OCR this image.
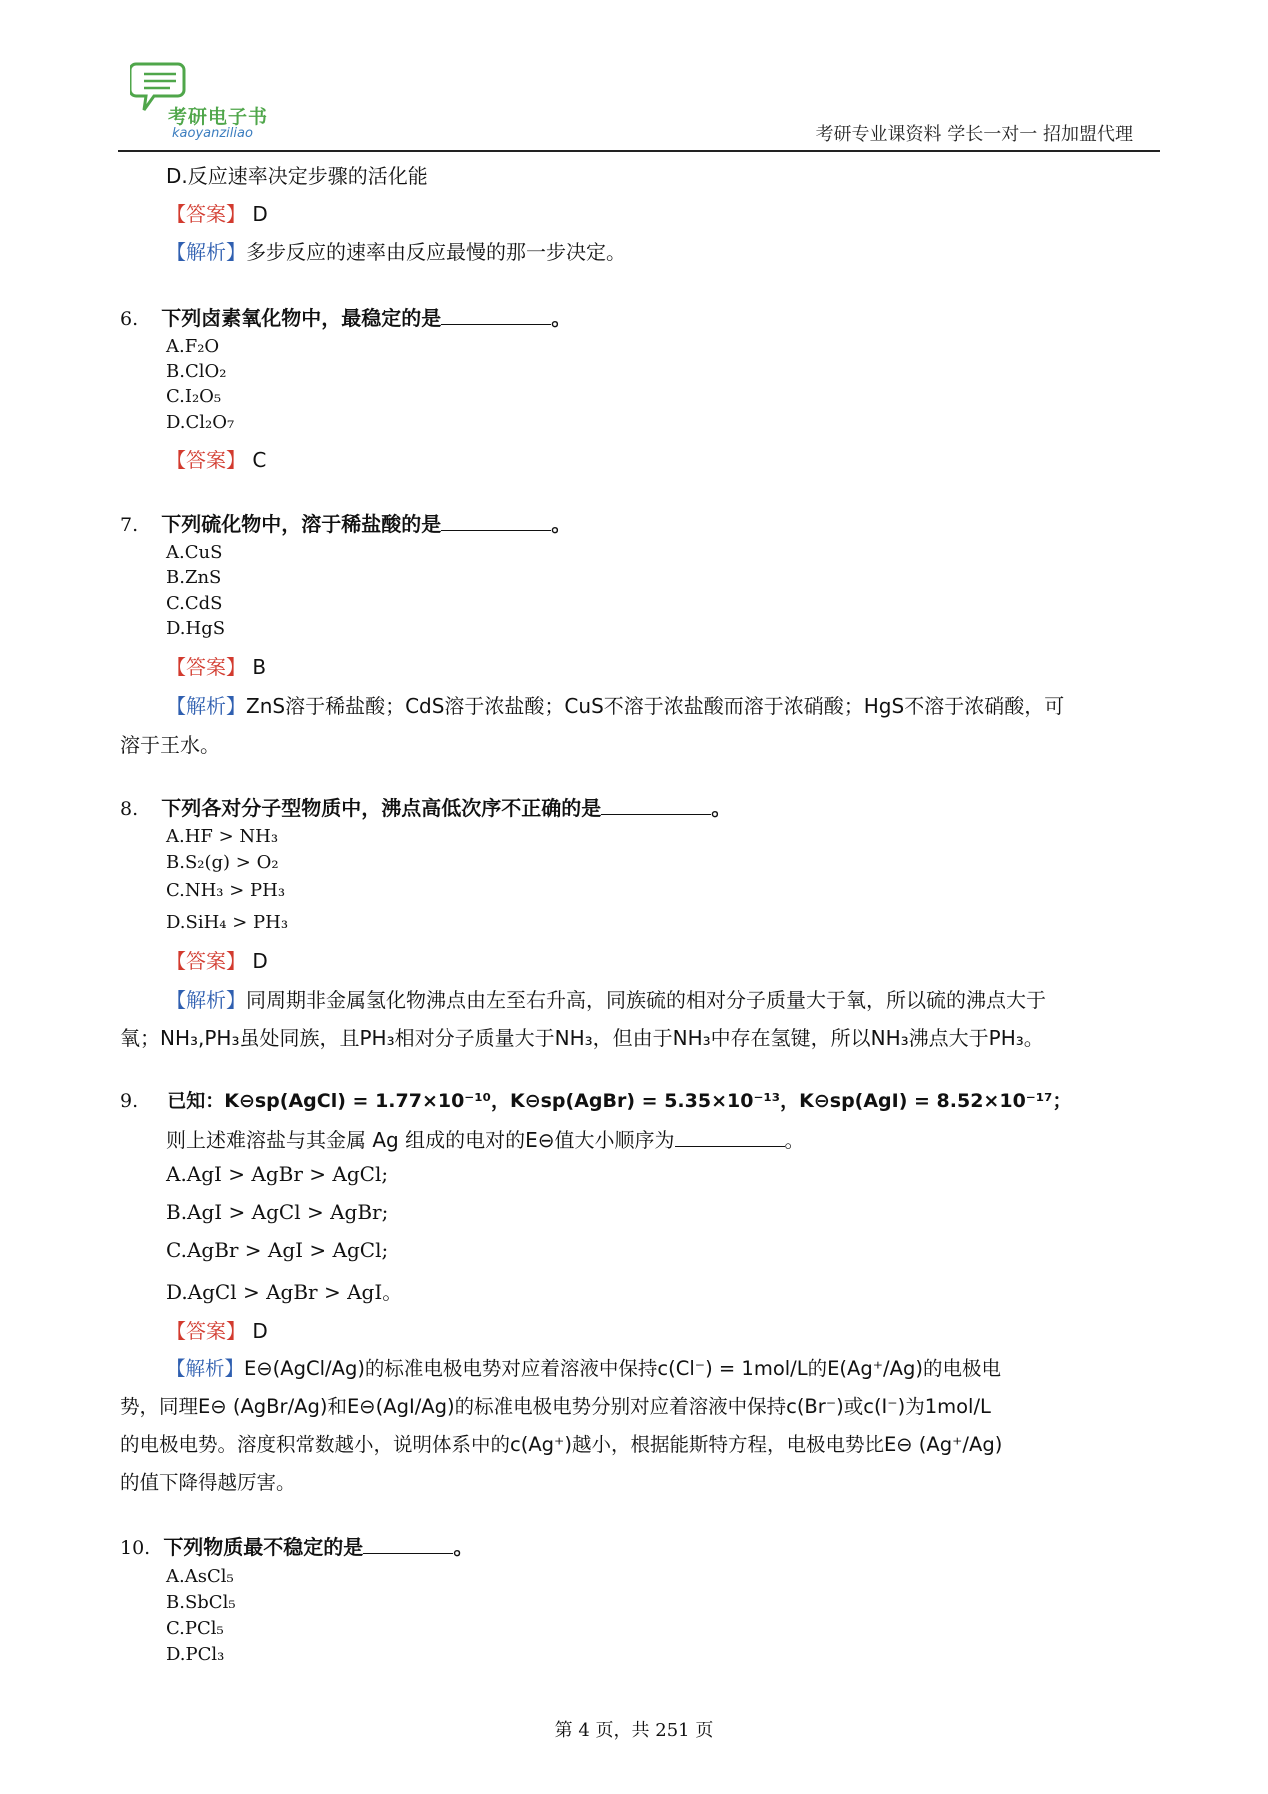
考研电子书
kaoyanziliao	考研专业课资料 学长一对一 招加盟代理
D.反应速率决定步骤的活化能
【答案】 D
【解析】多步反应的速率由反应最慢的那一步决定。
6. 下列卤素氧化物中，最稳定的是	。
A.F₂O
B.ClO₂
C.I₂O₅
D.Cl₂O₇
【答案】 C
7. 下列硫化物中，溶于稀盐酸的是	。
A.CuS
B.ZnS
C.CdS
D.HgS
【答案】 B
【解析】ZnS溶于稀盐酸；CdS溶于浓盐酸；CuS不溶于浓盐酸而溶于浓硝酸；HgS不溶于浓硝酸，可
溶于王水。
8. 下列各对分子型物质中，沸点高低次序不正确的是	。
A.HF > NH₃
B.S₂(g) > O₂
C.NH₃ > PH₃
D.SiH₄ > PH₃
【答案】 D
【解析】同周期非金属氢化物沸点由左至右升高，同族硫的相对分子质量大于氧，所以硫的沸点大于
氧；NH₃,PH₃虽处同族，且PH₃相对分子质量大于NH₃，但由于NH₃中存在氢键，所以NH₃沸点大于PH₃。
9. 已知：K⊖sp(AgCl) = 1.77×10⁻¹⁰，K⊖sp(AgBr) = 5.35×10⁻¹³，K⊖sp(AgI) = 8.52×10⁻¹⁷；
则上述难溶盐与其金属 Ag 组成的电对的E⊖值大小顺序为	。
A.AgI > AgBr > AgCl;
B.AgI > AgCl > AgBr;
C.AgBr > AgI > AgCl;
D.AgCl > AgBr > AgI。
【答案】 D
【解析】E⊖(AgCl/Ag)的标准电极电势对应着溶液中保持c(Cl⁻) = 1mol/L的E(Ag⁺/Ag)的电极电
势，同理E⊖ (AgBr/Ag)和E⊖(AgI/Ag)的标准电极电势分别对应着溶液中保持c(Br⁻)或c(I⁻)为1mol/L
的电极电势。溶度积常数越小，说明体系中的c(Ag⁺)越小，根据能斯特方程，电极电势比E⊖ (Ag⁺/Ag)
的值下降得越厉害。
10. 下列物质最不稳定的是	。
A.AsCl₅
B.SbCl₅
C.PCl₅
D.PCl₃
第 4 页，共 251 页
